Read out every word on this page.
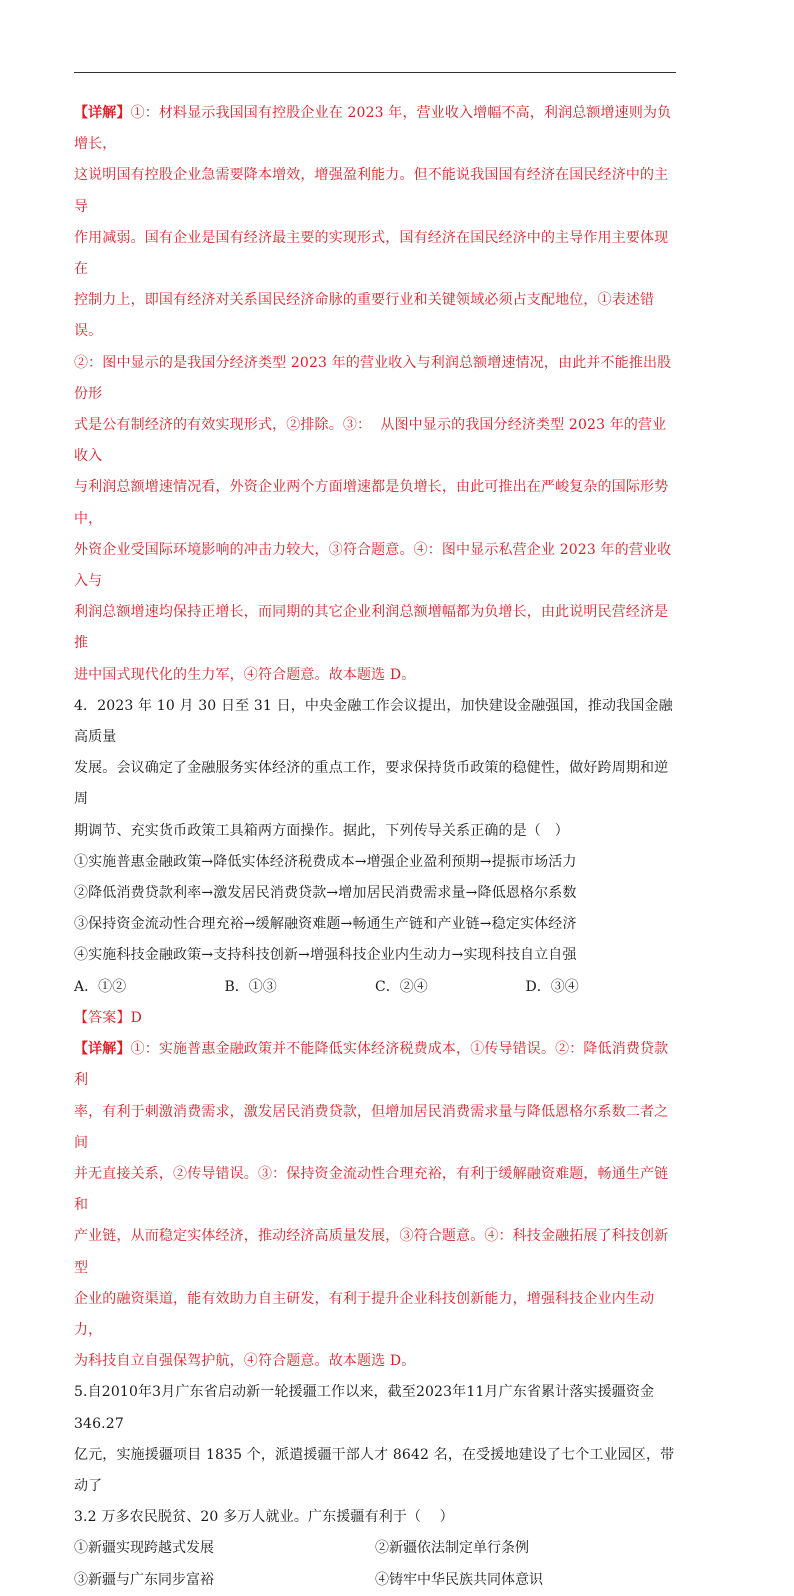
【详解】①：材料显示我国国有控股企业在 2023 年，营业收入增幅不高，利润总额增速则为负增长，

这说明国有控股企业急需要降本增效，增强盈利能力。但不能说我国国有经济在国民经济中的主导

作用减弱。国有企业是国有经济最主要的实现形式，国有经济在国民经济中的主导作用主要体现在

控制力上，即国有经济对关系国民经济命脉的重要行业和关键领域必须占支配地位，①表述错误。

②：图中显示的是我国分经济类型 2023 年的营业收入与利润总额增速情况，由此并不能推出股份形

式是公有制经济的有效实现形式，②排除。③：  从图中显示的我国分经济类型 2023 年的营业收入

与利润总额增速情况看，外资企业两个方面增速都是负增长，由此可推出在严峻复杂的国际形势中，

外资企业受国际环境影响的冲击力较大，③符合题意。④：图中显示私营企业 2023 年的营业收入与

利润总额增速均保持正增长，而同期的其它企业利润总额增幅都为负增长，由此说明民营经济是推

进中国式现代化的生力军，④符合题意。故本题选 D。

4．2023 年 10 月 30 日至 31 日，中央金融工作会议提出，加快建设金融强国，推动我国金融高质量

发展。会议确定了金融服务实体经济的重点工作，要求保持货币政策的稳健性，做好跨周期和逆周

期调节、充实货币政策工具箱两方面操作。据此，下列传导关系正确的是（   ）

①实施普惠金融政策→降低实体经济税费成本→增强企业盈利预期→提振市场活力

②降低消费贷款利率→激发居民消费贷款→增加居民消费需求量→降低恩格尔系数

③保持资金流动性合理充裕→缓解融资难题→畅通生产链和产业链→稳定实体经济

④实施科技金融政策→支持科技创新→增强科技企业内生动力→实现科技自立自强

A．①②	B．①③	C．②④	D．③④

【答案】D

【详解】①：实施普惠金融政策并不能降低实体经济税费成本，①传导错误。②：降低消费贷款利

率，有利于刺激消费需求，激发居民消费贷款，但增加居民消费需求量与降低恩格尔系数二者之间

并无直接关系，②传导错误。③：保持资金流动性合理充裕，有利于缓解融资难题，畅通生产链和

产业链，从而稳定实体经济，推动经济高质量发展，③符合题意。④：科技金融拓展了科技创新型

企业的融资渠道，能有效助力自主研发，有利于提升企业科技创新能力，增强科技企业内生动力，

为科技自立自强保驾护航，④符合题意。故本题选 D。

5.自2010年3月广东省启动新一轮援疆工作以来，截至2023年11月广东省累计落实援疆资金346.27

亿元，实施援疆项目 1835 个，派遣援疆干部人才 8642 名，在受援地建设了七个工业园区，带动了

3.2 万多农民脱贫、20 多万人就业。广东援疆有利于（    ）

①新疆实现跨越式发展	②新疆依法制定单行条例
③新疆与广东同步富裕	④铸牢中华民族共同体意识
